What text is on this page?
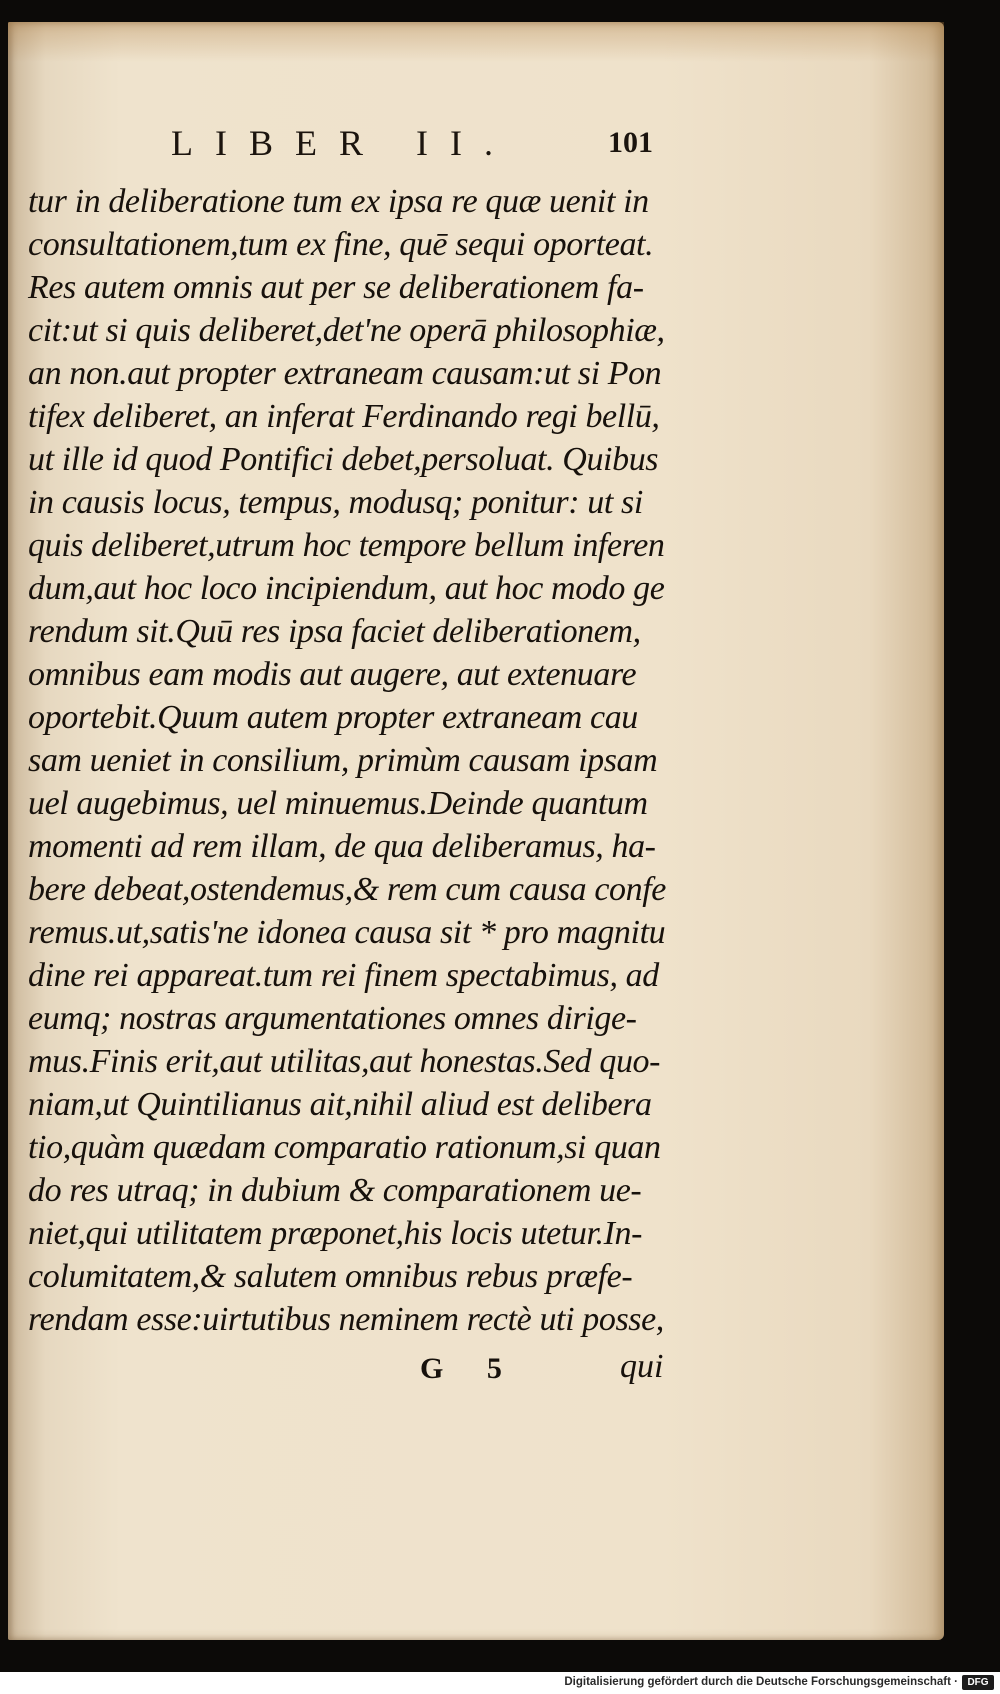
LIBER II.	101
tur in deliberatione tum ex ipsa re quæ uenit in
consultationem,tum ex fine, quē sequi oporteat.
Res autem omnis aut per se deliberationem fa-
cit:ut si quis deliberet,det'ne operā philosophiæ,
an non.aut propter extraneam causam:ut si Pon
tifex deliberet, an inferat Ferdinando regi bellū,
ut ille id quod Pontifici debet,persoluat. Quibus
in causis locus, tempus, modusq; ponitur: ut si
quis deliberet,utrum hoc tempore bellum inferen
dum,aut hoc loco incipiendum, aut hoc modo ge
rendum sit.Quū res ipsa faciet deliberationem,
omnibus eam modis aut augere, aut extenuare
oportebit.Quum autem propter extraneam cau
sam ueniet in consilium, primùm causam ipsam
uel augebimus, uel minuemus.Deinde quantum
momenti ad rem illam, de qua deliberamus, ha-
bere debeat,ostendemus,& rem cum causa confe
remus.ut,satis'ne idonea causa sit * pro magnitu
dine rei appareat.tum rei finem spectabimus, ad
eumq; nostras argumentationes omnes dirige-
mus.Finis erit,aut utilitas,aut honestas.Sed quo-
niam,ut Quintilianus ait,nihil aliud est delibera
tio,quàm quædam comparatio rationum,si quan
do res utraq; in dubium & comparationem ue-
niet,qui utilitatem præponet,his locis utetur.In-
columitatem,& salutem omnibus rebus præfe-
rendam esse:uirtutibus neminem rectè uti posse,
G 5	qui
Digitalisierung gefördert durch die Deutsche Forschungsgemeinschaft · DFG
